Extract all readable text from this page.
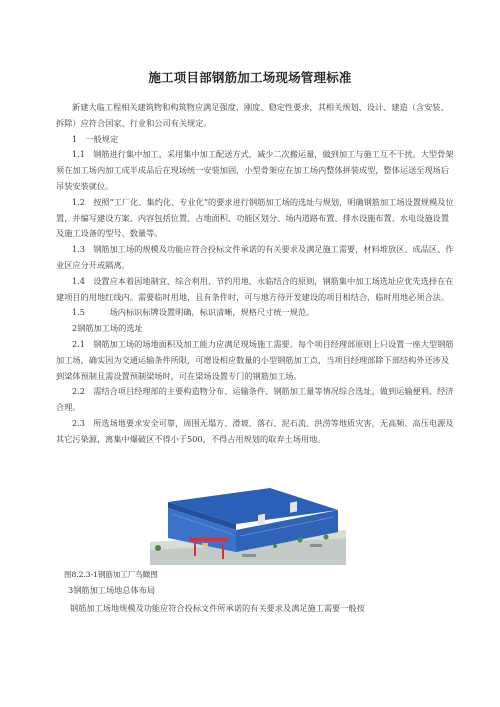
施工项目部钢筋加工场现场管理标准

新建大临工程相关建筑物和构筑物应满足强度、刚度、稳定性要求，其相关规划、设计、建造（含安装、拆除）应符合国家、行业和公司有关规定。

1　一般规定

1.1　钢筋进行集中加工，采用集中加工配送方式，减少二次搬运量，做到加工与施工互不干扰。大型骨架须在加工场内加工成半成品后在现场统一安装加固，小型骨架应在加工场内整体拼装成型，整体运送至现场后吊装安装就位。

1.2　按照“工厂化、集约化、专业化”的要求进行钢筋加工场的选址与规划，明确钢筋加工场设置规模及位置，并编写建设方案，内容包括位置、占地面积、功能区划分、场内道路布置、排水设施布置、水电设施设置及施工设备的型号、数量等。

1.3　钢筋加工场的规模及功能应符合投标文件承诺的有关要求及满足施工需要，材料堆放区、成品区、作业区应分开或隔离。

1.4　设置应本着因地制宜、综合利用、节约用地、永临结合的原则，钢筋集中加工场选址应优先选择在在建项目的用地红线内。需要临时用地，且有条件时，可与地方待开发建设的项目相结合，临时用地必须合法。

1.5　　　场内标识标牌设置明确，标识清晰，规格尺寸统一规范。

2钢筋加工场的选址

2.1　钢筋加工场的场地面积及加工能力应满足现场施工需要。每个项目经理部原则上只设置一座大型钢筋加工场，确实因为交通运输条件所限，可增设相应数量的小型钢筋加工点，当项目经理部除下部结构外还涉及到梁体预制且需设置预制梁场时，可在梁场设置专门的钢筋加工场。

2.2　需结合项目经理部的主要构造物分布、运输条件、钢筋加工量等情况综合选址，做到运输便利、经济合理。

2.3　所选场地要求安全可靠，周围无塌方、滑坡、落石、泥石流、洪涝等地质灾害，无高频、高压电源及其它污染源，离集中爆破区不得小于500，不得占用规划的取弃土场用地。

图8.2.3-1钢筋加工厂鸟瞰图
3钢筋加工场地总体布局
钢筋加工场地规模及功能应符合投标文件所承诺的有关要求及满足施工需要一般按
